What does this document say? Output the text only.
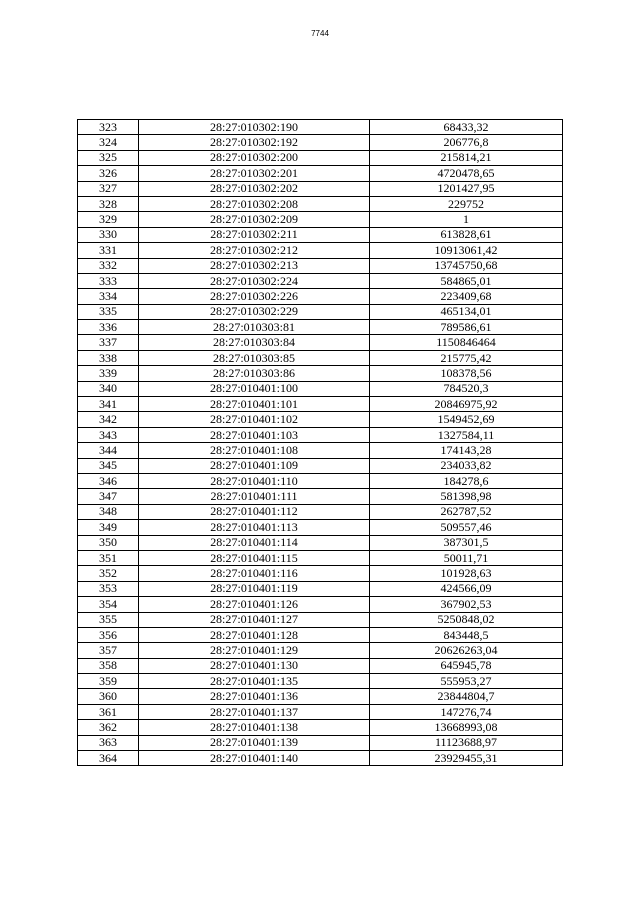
7744
323	28:27:010302:190	68433,32
324	28:27:010302:192	206776,8
325	28:27:010302:200	215814,21
326	28:27:010302:201	4720478,65
327	28:27:010302:202	1201427,95
328	28:27:010302:208	229752
329	28:27:010302:209	1
330	28:27:010302:211	613828,61
331	28:27:010302:212	10913061,42
332	28:27:010302:213	13745750,68
333	28:27:010302:224	584865,01
334	28:27:010302:226	223409,68
335	28:27:010302:229	465134,01
336	28:27:010303:81	789586,61
337	28:27:010303:84	1150846464
338	28:27:010303:85	215775,42
339	28:27:010303:86	108378,56
340	28:27:010401:100	784520,3
341	28:27:010401:101	20846975,92
342	28:27:010401:102	1549452,69
343	28:27:010401:103	1327584,11
344	28:27:010401:108	174143,28
345	28:27:010401:109	234033,82
346	28:27:010401:110	184278,6
347	28:27:010401:111	581398,98
348	28:27:010401:112	262787,52
349	28:27:010401:113	509557,46
350	28:27:010401:114	387301,5
351	28:27:010401:115	50011,71
352	28:27:010401:116	101928,63
353	28:27:010401:119	424566,09
354	28:27:010401:126	367902,53
355	28:27:010401:127	5250848,02
356	28:27:010401:128	843448,5
357	28:27:010401:129	20626263,04
358	28:27:010401:130	645945,78
359	28:27:010401:135	555953,27
360	28:27:010401:136	23844804,7
361	28:27:010401:137	147276,74
362	28:27:010401:138	13668993,08
363	28:27:010401:139	11123688,97
364	28:27:010401:140	23929455,31
